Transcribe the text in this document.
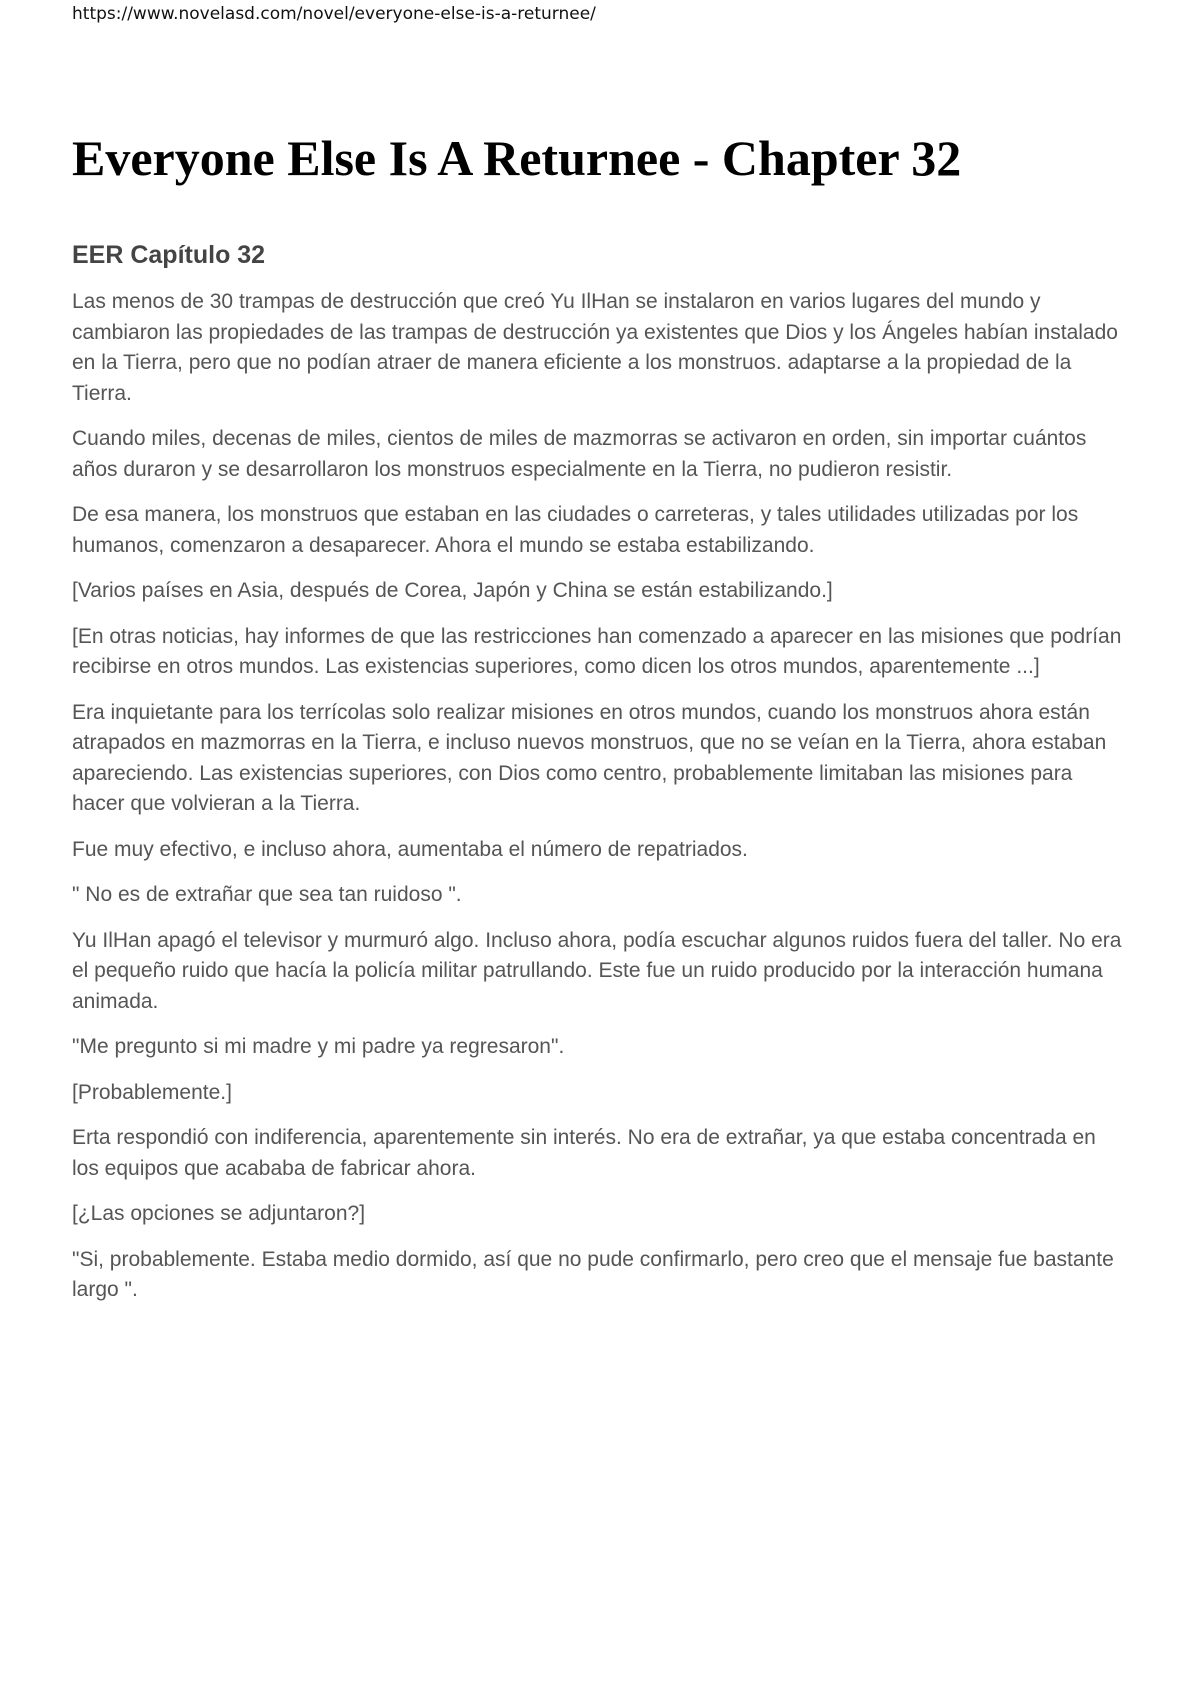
https://www.novelasd.com/novel/everyone-else-is-a-returnee/
Everyone Else Is A Returnee - Chapter 32
EER Capítulo 32

Las menos de 30 trampas de destrucción que creó Yu IlHan se instalaron en varios lugares del mundo y cambiaron las propiedades de las trampas de destrucción ya existentes que Dios y los Ángeles habían instalado en la Tierra, pero que no podían atraer de manera eficiente a los monstruos. adaptarse a la propiedad de la Tierra.

Cuando miles, decenas de miles, cientos de miles de mazmorras se activaron en orden, sin importar cuántos años duraron y se desarrollaron los monstruos especialmente en la Tierra, no pudieron resistir.

De esa manera, los monstruos que estaban en las ciudades o carreteras, y tales utilidades utilizadas por los humanos, comenzaron a desaparecer. Ahora el mundo se estaba estabilizando.

[Varios países en Asia, después de Corea, Japón y China se están estabilizando.]

[En otras noticias, hay informes de que las restricciones han comenzado a aparecer en las misiones que podrían recibirse en otros mundos. Las existencias superiores, como dicen los otros mundos, aparentemente ...]

Era inquietante para los terrícolas solo realizar misiones en otros mundos, cuando los monstruos ahora están atrapados en mazmorras en la Tierra, e incluso nuevos monstruos, que no se veían en la Tierra, ahora estaban apareciendo. Las existencias superiores, con Dios como centro, probablemente limitaban las misiones para hacer que volvieran a la Tierra.

Fue muy efectivo, e incluso ahora, aumentaba el número de repatriados.

" No es de extrañar que sea tan ruidoso ".

Yu IlHan apagó el televisor y murmuró algo. Incluso ahora, podía escuchar algunos ruidos fuera del taller. No era el pequeño ruido que hacía la policía militar patrullando. Este fue un ruido producido por la interacción humana animada.

"Me pregunto si mi madre y mi padre ya regresaron".

[Probablemente.]

Erta respondió con indiferencia, aparentemente sin interés. No era de extrañar, ya que estaba concentrada en los equipos que acababa de fabricar ahora.

[¿Las opciones se adjuntaron?]

"Si, probablemente. Estaba medio dormido, así que no pude confirmarlo, pero creo que el mensaje fue bastante largo ".
